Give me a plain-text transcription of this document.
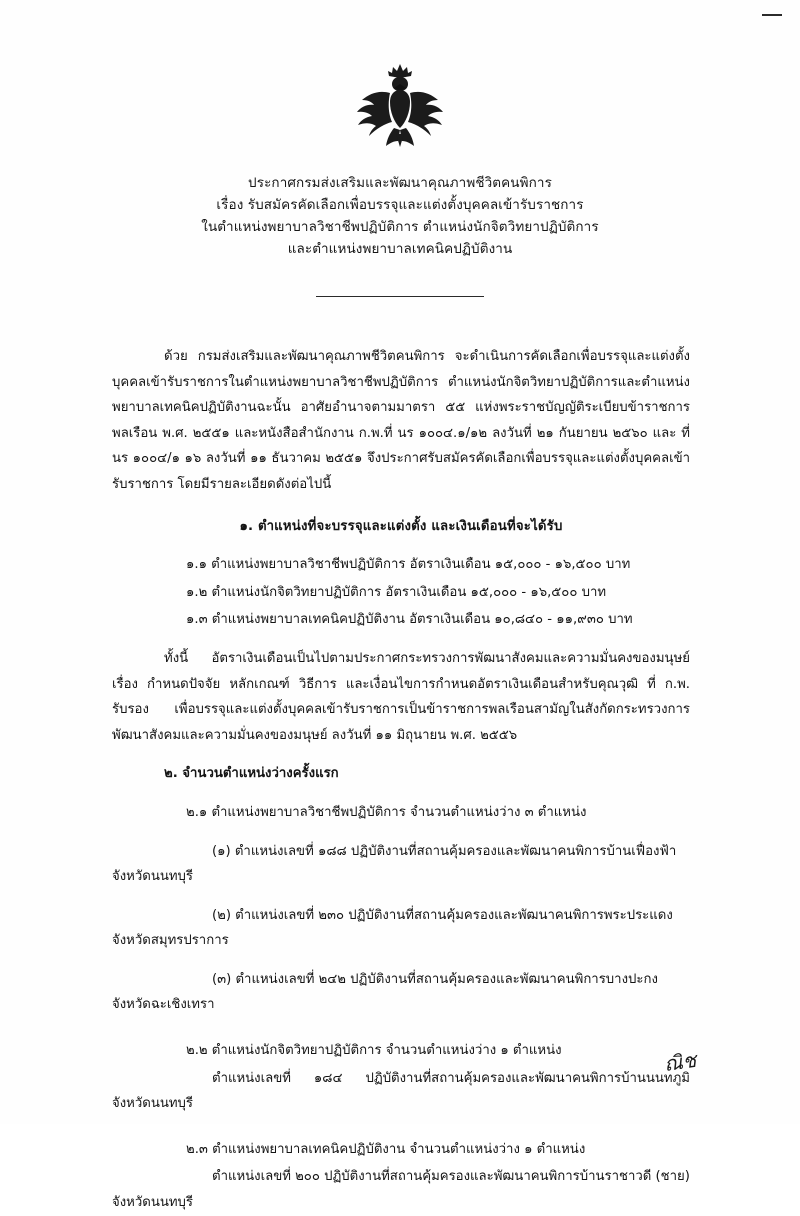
ประกาศกรมส่งเสริมและพัฒนาคุณภาพชีวิตคนพิการ
เรื่อง รับสมัครคัดเลือกเพื่อบรรจุและแต่งตั้งบุคคลเข้ารับราชการ
ในตำแหน่งพยาบาลวิชาชีพปฏิบัติการ ตำแหน่งนักจิตวิทยาปฏิบัติการ
และตำแหน่งพยาบาลเทคนิคปฏิบัติงาน

ด้วย กรมส่งเสริมและพัฒนาคุณภาพชีวิตคนพิการ จะดำเนินการคัดเลือกเพื่อบรรจุและแต่งตั้งบุคคลเข้ารับราชการในตำแหน่งพยาบาลวิชาชีพปฏิบัติการ ตำแหน่งนักจิตวิทยาปฏิบัติการและตำแหน่งพยาบาลเทคนิคปฏิบัติงานฉะนั้น อาศัยอำนาจตามมาตรา ๕๕ แห่งพระราชบัญญัติระเบียบข้าราชการพลเรือน พ.ศ. ๒๕๕๑ และหนังสือสำนักงาน ก.พ.ที่ นร ๑๐๐๔.๑/๑๒ ลงวันที่ ๒๑ กันยายน ๒๕๖๐ และ ที่ นร ๑๐๐๔/๑ ๑๖ ลงวันที่ ๑๑ ธันวาคม ๒๕๕๑ จึงประกาศรับสมัครคัดเลือกเพื่อบรรจุและแต่งตั้งบุคคลเข้ารับราชการ โดยมีรายละเอียดดังต่อไปนี้

๑. ตำแหน่งที่จะบรรจุและแต่งตั้ง และเงินเดือนที่จะได้รับ

๑.๑ ตำแหน่งพยาบาลวิชาชีพปฏิบัติการ อัตราเงินเดือน ๑๕,๐๐๐ - ๑๖,๕๐๐ บาท

๑.๒ ตำแหน่งนักจิตวิทยาปฏิบัติการ อัตราเงินเดือน ๑๕,๐๐๐ - ๑๖,๕๐๐ บาท

๑.๓ ตำแหน่งพยาบาลเทคนิคปฏิบัติงาน อัตราเงินเดือน ๑๐,๘๔๐ - ๑๑,๙๓๐ บาท

ทั้งนี้ อัตราเงินเดือนเป็นไปตามประกาศกระทรวงการพัฒนาสังคมและความมั่นคงของมนุษย์ เรื่อง กำหนดปัจจัย หลักเกณฑ์ วิธีการ และเงื่อนไขการกำหนดอัตราเงินเดือนสำหรับคุณวุฒิ ที่ ก.พ. รับรอง เพื่อบรรจุและแต่งตั้งบุคคลเข้ารับราชการเป็นข้าราชการพลเรือนสามัญในสังกัดกระทรวงการพัฒนาสังคมและความมั่นคงของมนุษย์ ลงวันที่ ๑๑ มิถุนายน พ.ศ. ๒๕๕๖

๒. จำนวนตำแหน่งว่างครั้งแรก

๒.๑ ตำแหน่งพยาบาลวิชาชีพปฏิบัติการ จำนวนตำแหน่งว่าง ๓ ตำแหน่ง

(๑) ตำแหน่งเลขที่ ๑๘๘ ปฏิบัติงานที่สถานคุ้มครองและพัฒนาคนพิการบ้านเฟื่องฟ้า

จังหวัดนนทบุรี

(๒) ตำแหน่งเลขที่ ๒๓๐ ปฏิบัติงานที่สถานคุ้มครองและพัฒนาคนพิการพระประแดง

จังหวัดสมุทรปราการ

(๓) ตำแหน่งเลขที่ ๒๔๒ ปฏิบัติงานที่สถานคุ้มครองและพัฒนาคนพิการบางปะกง

จังหวัดฉะเชิงเทรา

๒.๒ ตำแหน่งนักจิตวิทยาปฏิบัติการ จำนวนตำแหน่งว่าง ๑ ตำแหน่ง

ตำแหน่งเลขที่ ๑๘๔ ปฏิบัติงานที่สถานคุ้มครองและพัฒนาคนพิการบ้านนนทภูมิ จังหวัดนนทบุรี

๒.๓ ตำแหน่งพยาบาลเทคนิคปฏิบัติงาน จำนวนตำแหน่งว่าง ๑ ตำแหน่ง

ตำแหน่งเลขที่ ๒๐๐ ปฏิบัติงานที่สถานคุ้มครองและพัฒนาคนพิการบ้านราชาวดี (ชาย)

จังหวัดนนทบุรี

ณิช
